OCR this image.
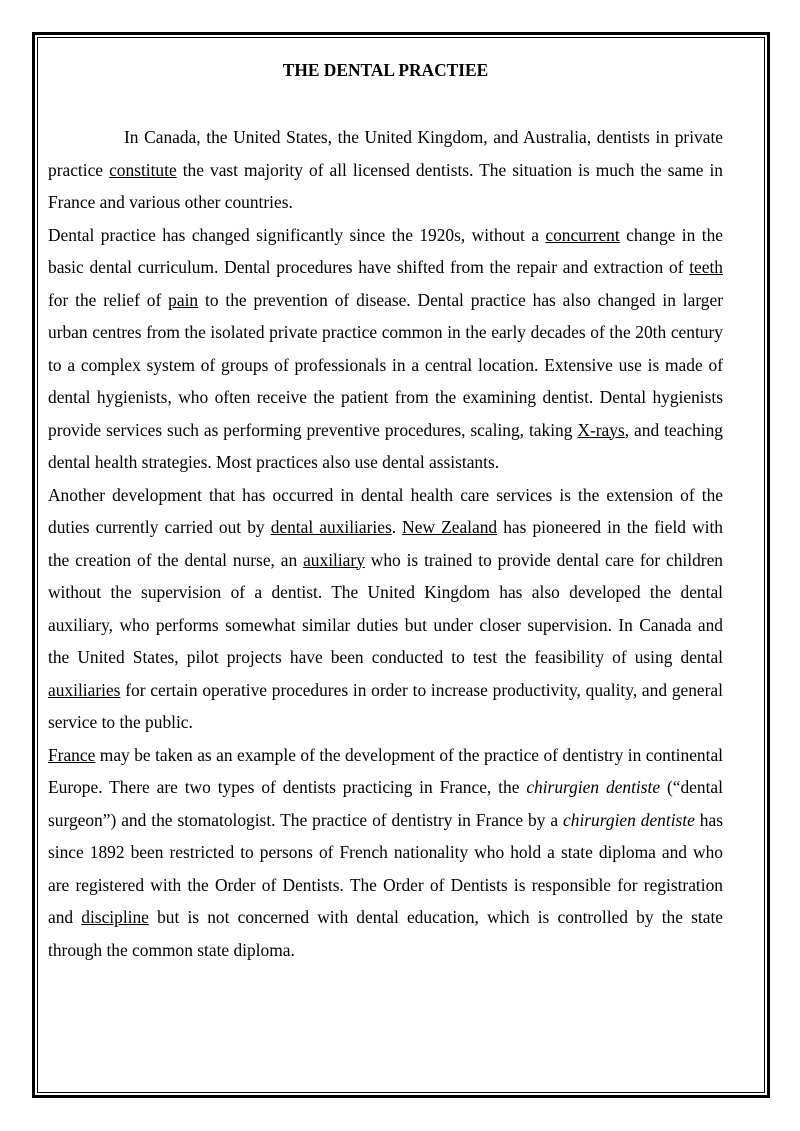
THE DENTAL PRACTIEE

In Canada, the United States, the United Kingdom, and Australia, dentists in private practice constitute the vast majority of all licensed dentists. The situation is much the same in France and various other countries.

Dental practice has changed significantly since the 1920s, without a concurrent change in the basic dental curriculum. Dental procedures have shifted from the repair and extraction of teeth for the relief of pain to the prevention of disease. Dental practice has also changed in larger urban centres from the isolated private practice common in the early decades of the 20th century to a complex system of groups of professionals in a central location. Extensive use is made of dental hygienists, who often receive the patient from the examining dentist. Dental hygienists provide services such as performing preventive procedures, scaling, taking X-rays, and teaching dental health strategies. Most practices also use dental assistants.

Another development that has occurred in dental health care services is the extension of the duties currently carried out by dental auxiliaries. New Zealand has pioneered in the field with the creation of the dental nurse, an auxiliary who is trained to provide dental care for children without the supervision of a dentist. The United Kingdom has also developed the dental auxiliary, who performs somewhat similar duties but under closer supervision. In Canada and the United States, pilot projects have been conducted to test the feasibility of using dental auxiliaries for certain operative procedures in order to increase productivity, quality, and general service to the public.

France may be taken as an example of the development of the practice of dentistry in continental Europe. There are two types of dentists practicing in France, the chirurgien dentiste (“dental surgeon”) and the stomatologist. The practice of dentistry in France by a chirurgien dentiste has since 1892 been restricted to persons of French nationality who hold a state diploma and who are registered with the Order of Dentists. The Order of Dentists is responsible for registration and discipline but is not concerned with dental education, which is controlled by the state through the common state diploma.
